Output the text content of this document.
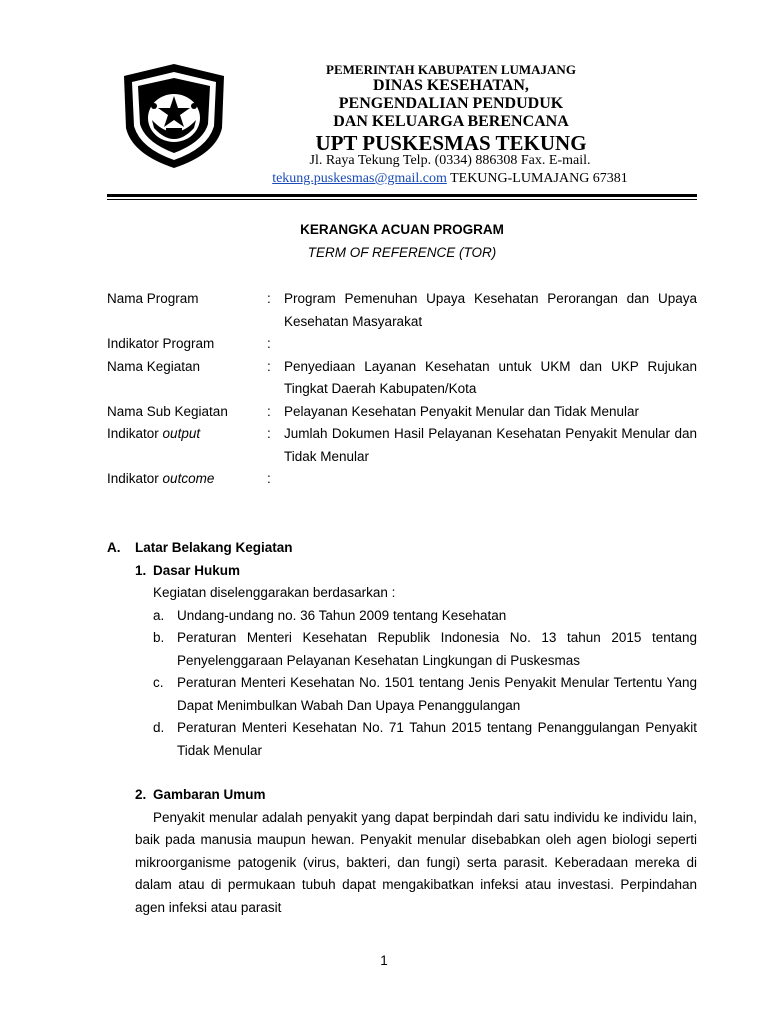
PEMERINTAH KABUPATEN LUMAJANG
DINAS KESEHATAN,
PENGENDALIAN PENDUDUK
DAN KELUARGA BERENCANA
UPT PUSKESMAS TEKUNG
Jl. Raya Tekung Telp. (0334) 886308 Fax. E-mail.
tekung.puskesmas@gmail.com TEKUNG-LUMAJANG 67381
KERANGKA ACUAN PROGRAM
TERM OF REFERENCE (TOR)
Nama Program	: Program Pemenuhan Upaya Kesehatan Perorangan dan Upaya Kesehatan Masyarakat
Indikator Program	:
Nama Kegiatan	: Penyediaan Layanan Kesehatan untuk UKM dan UKP Rujukan Tingkat Daerah Kabupaten/Kota
Nama Sub Kegiatan	: Pelayanan Kesehatan Penyakit Menular dan Tidak Menular
Indikator output	: Jumlah Dokumen Hasil Pelayanan Kesehatan Penyakit Menular dan Tidak Menular
Indikator outcome	:
A.	Latar Belakang Kegiatan
1. Dasar Hukum
Kegiatan diselenggarakan berdasarkan :
a. Undang-undang no. 36 Tahun 2009 tentang Kesehatan
b. Peraturan Menteri Kesehatan Republik Indonesia No. 13 tahun 2015 tentang Penyelenggaraan Pelayanan Kesehatan Lingkungan di Puskesmas
c. Peraturan Menteri Kesehatan No. 1501 tentang Jenis Penyakit Menular Tertentu Yang Dapat Menimbulkan Wabah Dan Upaya Penanggulangan
d. Peraturan Menteri Kesehatan No. 71 Tahun 2015 tentang Penanggulangan Penyakit Tidak Menular
2. Gambaran Umum
Penyakit menular adalah penyakit yang dapat berpindah dari satu individu ke individu lain, baik pada manusia maupun hewan. Penyakit menular disebabkan oleh agen biologi seperti mikroorganisme patogenik (virus, bakteri, dan fungi) serta parasit. Keberadaan mereka di dalam atau di permukaan tubuh dapat mengakibatkan infeksi atau investasi. Perpindahan agen infeksi atau parasit
1
